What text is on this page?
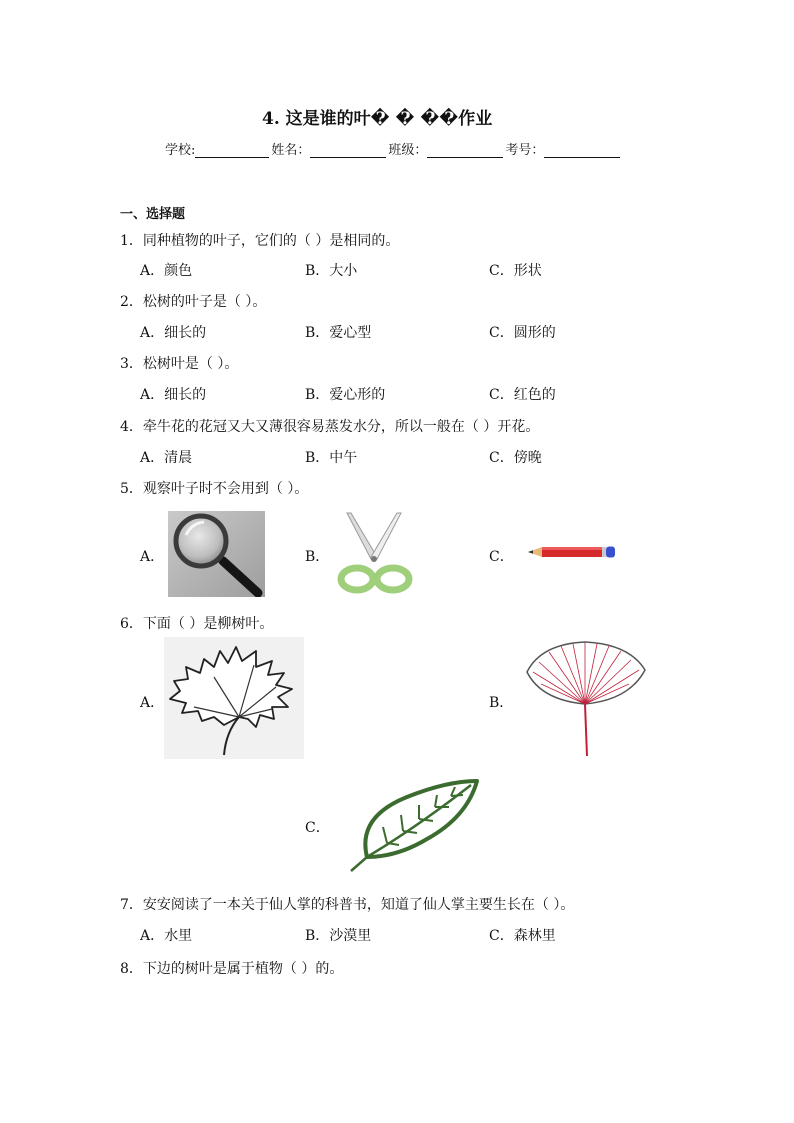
4. 这是谁的叶� � ��作业
学校:	姓名：	班级：	考号：
一、选择题
1．同种植物的叶子，它们的（ ）是相同的。
A．颜色	B．大小	C．形状
2．松树的叶子是（ ）。
A．细长的	B．爱心型	C．圆形的
3．松树叶是（ ）。
A．细长的	B．爱心形的	C．红色的
4．牵牛花的花冠又大又薄很容易蒸发水分，所以一般在（ ）开花。
A．清晨	B．中午	C．傍晚
5．观察叶子时不会用到（ ）。
A．	B．	C．
6．下面（ ）是柳树叶。
A．	B．
C．
7．安安阅读了一本关于仙人掌的科普书，知道了仙人掌主要生长在（ ）。
A．水里	B．沙漠里	C．森林里
8．下边的树叶是属于植物（ ）的。
